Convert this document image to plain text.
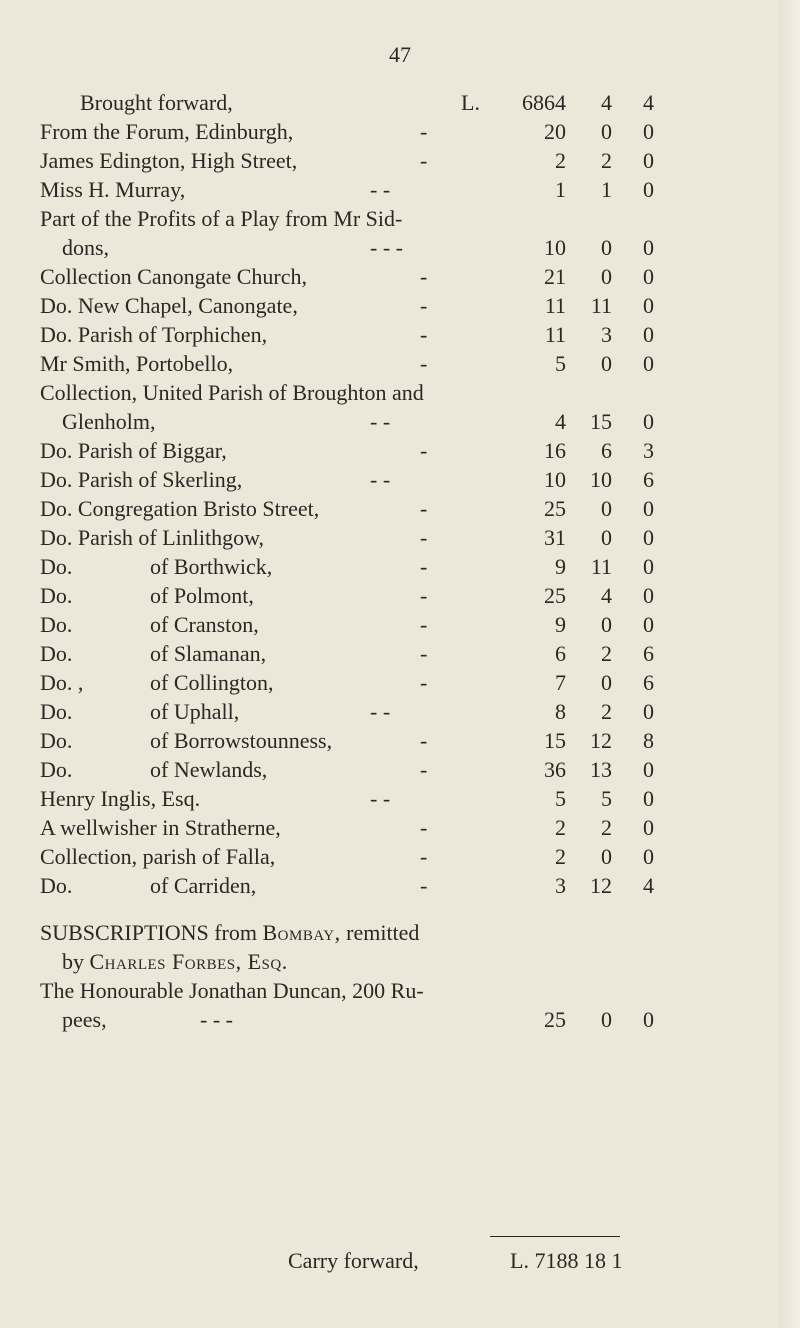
47
Brought forward,	L.	6864	4	4
From the Forum, Edinburgh,	-	20	0	0
James Edington, High Street,	-	2	2	0
Miss H. Murray,	- -	1	1	0
Part of the Profits of a Play from Mr Sid-
dons,	- - -	10	0	0
Collection Canongate Church,	-	21	0	0
Do. New Chapel, Canongate,	-	11	11	0
Do. Parish of Torphichen,	-	11	3	0
Mr Smith, Portobello,	-	5	0	0
Collection, United Parish of Broughton and
Glenholm,	- -	4	15	0
Do. Parish of Biggar,	-	16	6	3
Do. Parish of Skerling,	- -	10	10	6
Do. Congregation Bristo Street,	-	25	0	0
Do. Parish of Linlithgow,	-	31	0	0
Do.	of Borthwick,	-	9	11	0
Do.	of Polmont,	-	25	4	0
Do.	of Cranston,	-	9	0	0
Do.	of Slamanan,	-	6	2	6
Do. ,	of Collington,	-	7	0	6
Do.	of Uphall,	- -	8	2	0
Do.	of Borrowstounness,	-	15	12	8
Do.	of Newlands,	-	36	13	0
Henry Inglis, Esq.	- -	5	5	0
A wellwisher in Stratherne,	-	2	2	0
Collection, parish of Falla,	-	2	0	0
Do.	of Carriden,	-	3	12	4
SUBSCRIPTIONS from Bombay, remitted
by Charles Forbes, Esq.
The Honourable Jonathan Duncan, 200 Ru-
pees,	- - -	25	0	0
Carry forward,	L. 7188 18 1
